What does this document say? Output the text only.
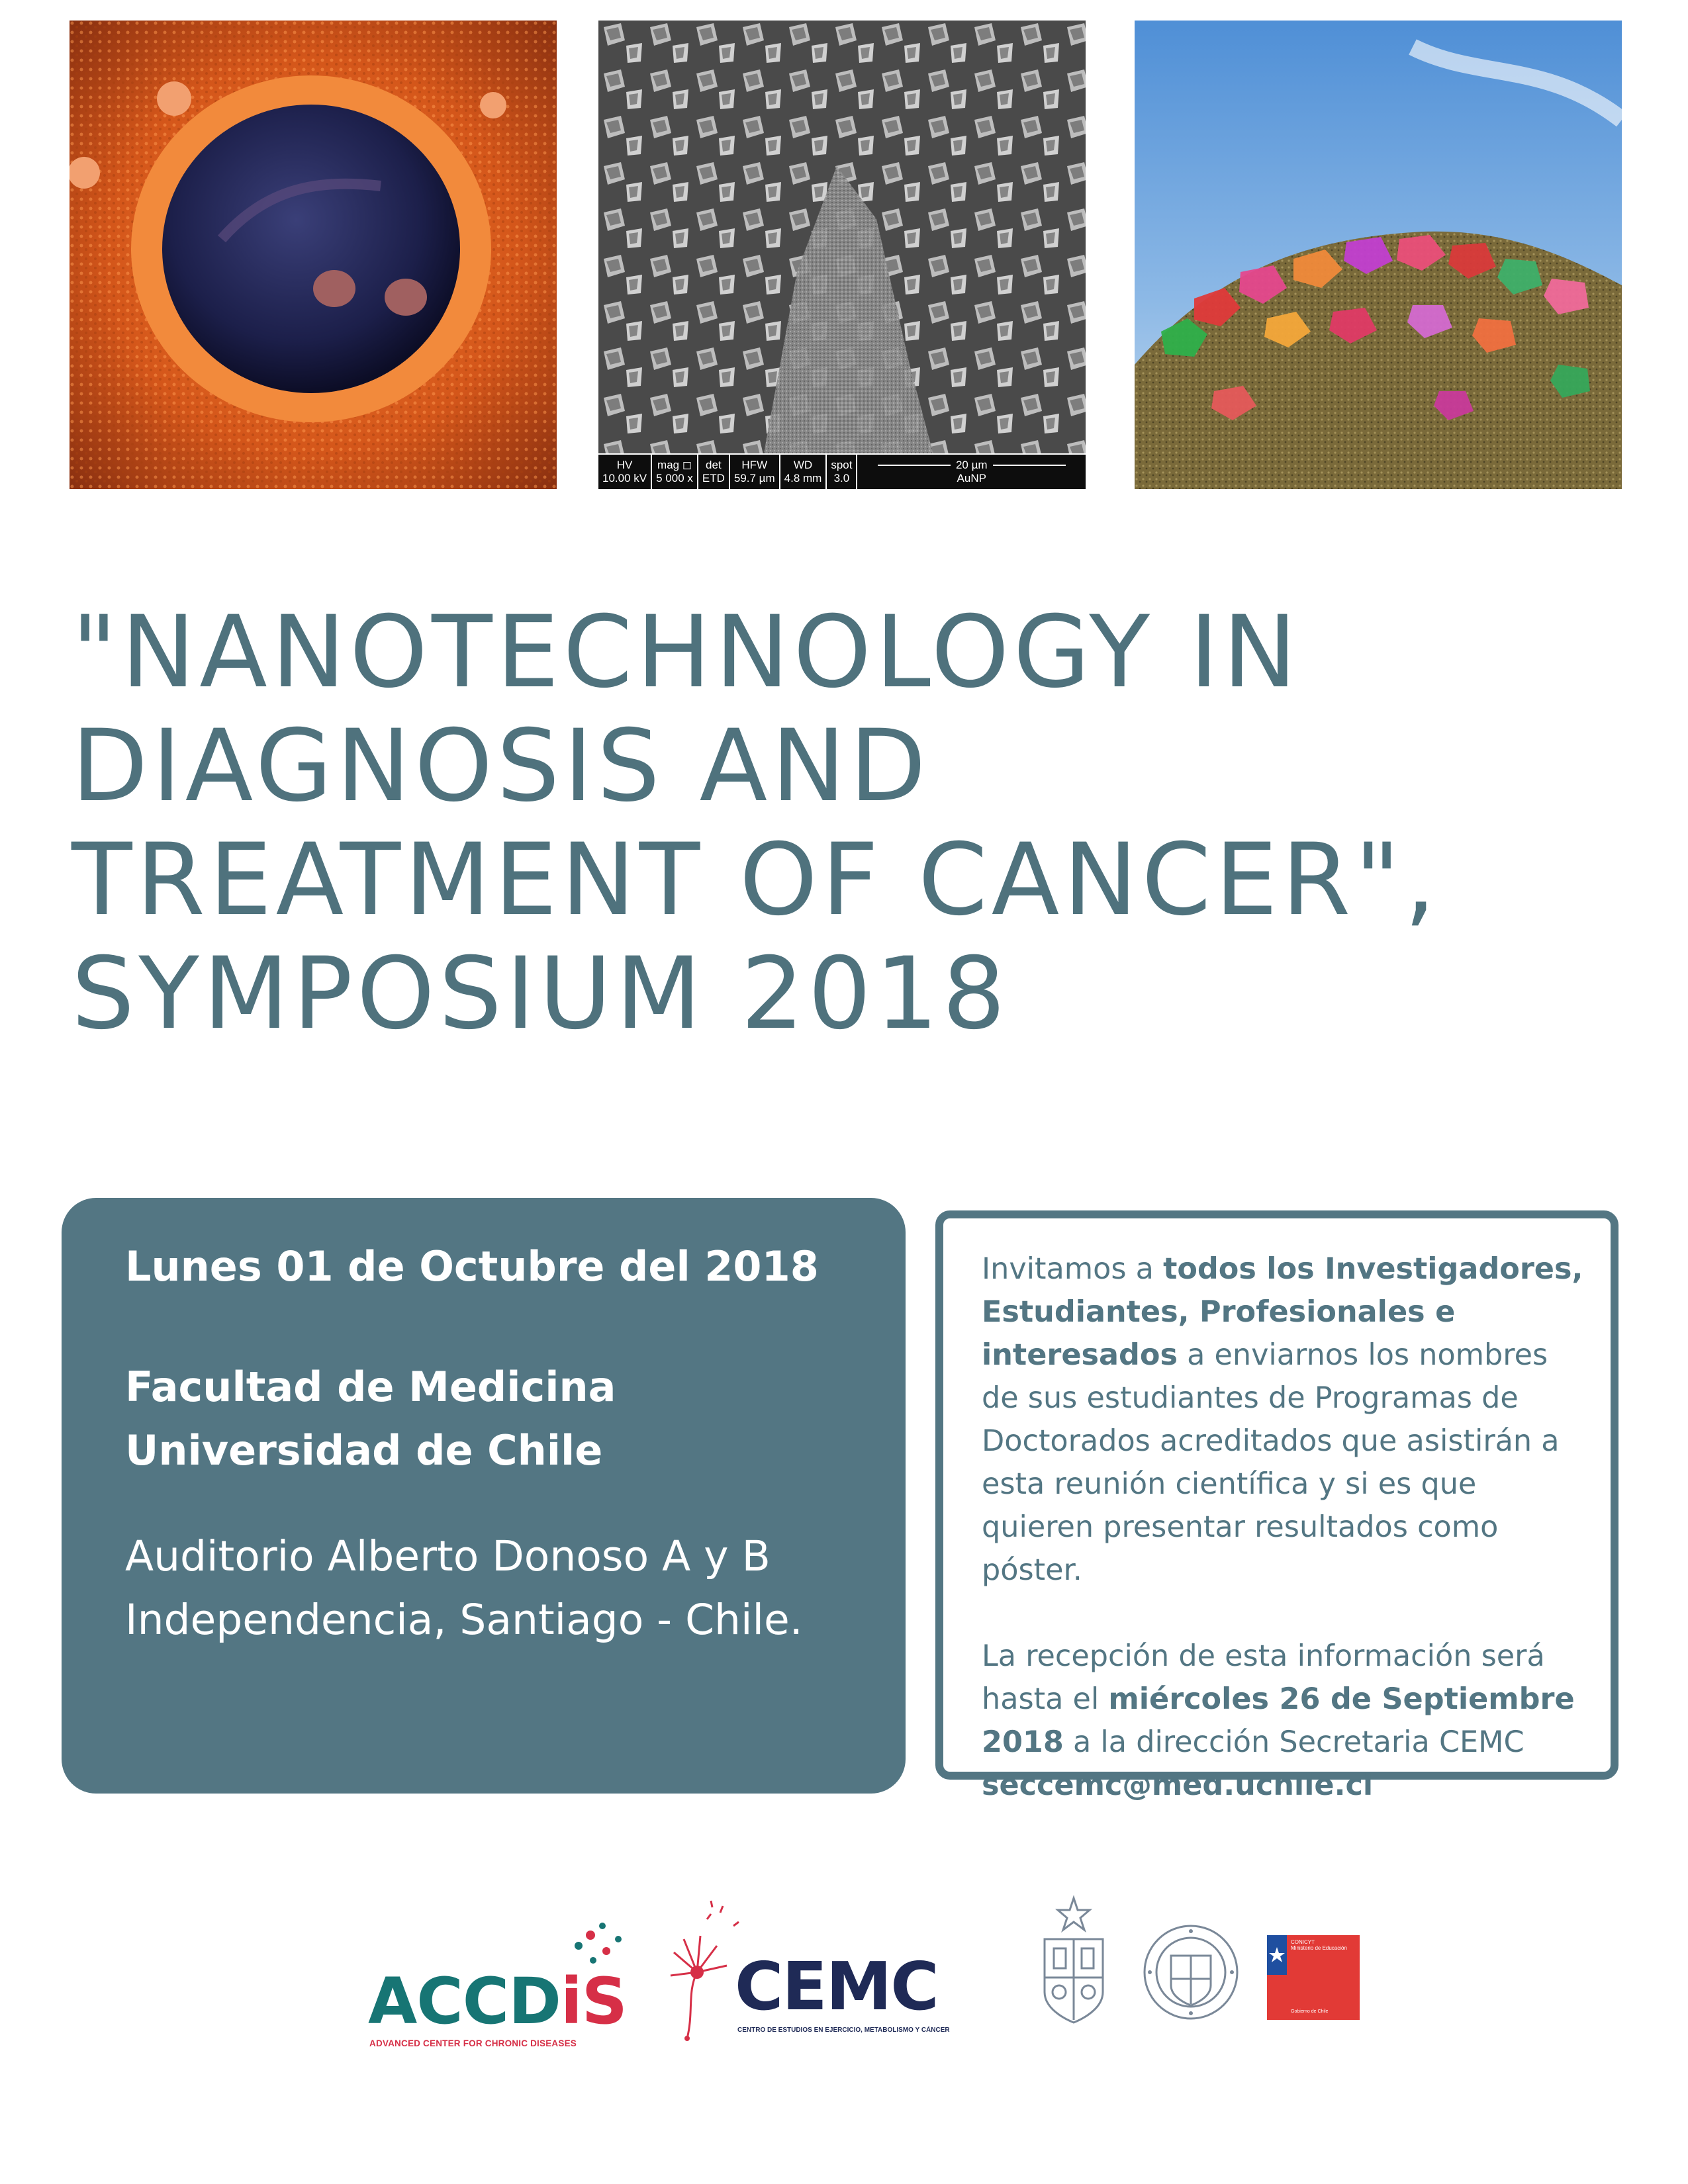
HV
10.00 kV
mag ◻
5 000 x
det
ETD
HFW
59.7 µm
WD
4.8 mm
spot
3.0
20 µm
AuNP
"NANOTECHNOLOGY IN
DIAGNOSIS AND
TREATMENT OF CANCER",
SYMPOSIUM 2018

Lunes 01 de Octubre del 2018

Facultad de Medicina
Universidad de Chile

Auditorio Alberto Donoso A y B
Independencia, Santiago - Chile.

Invitamos a todos los Investigadores, Estudiantes, Profesionales e interesados a enviarnos los nombres de sus estudiantes de Programas de Doctorados acreditados que asistirán a esta reunión científica y si es que quieren presentar resultados como póster.

La recepción de esta información será hasta el miércoles 26 de Septiembre 2018 a la dirección Secretaria CEMC seccemc@med.uchile.cl

ACCDiS
ADVANCED CENTER FOR CHRONIC DISEASES
CEMC
CENTRO DE ESTUDIOS EN EJERCICIO, METABOLISMO Y CÁNCER
CONICYT
Ministerio de Educación
Gobierno de Chile
